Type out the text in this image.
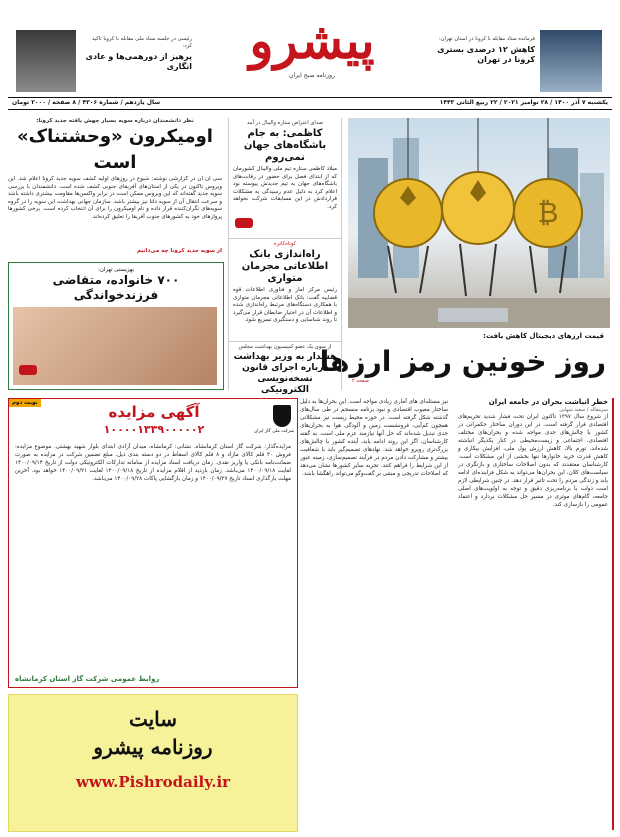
فرمانده ستاد مقابله با کرونا در استان تهران:
کاهش ۱۲ درصدی بستری کرونا در تهران
پیشرو
روزنامه صبح ایران
رئیسی در جلسه ستاد ملی مقابله با کرونا تاکید کرد:
پرهیز از دورهمی‌ها و عادی انگاری
یکشنبه ۷ آذر ۱۴۰۰ / ۲۸ نوامبر ۲۰۲۱ / ۲۲ ربیع الثانی ۱۴۴۳
سال یازدهم / شماره ۴۳۰۶ / ۸ صفحه / ۲۰۰۰ تومان
₿
قیمت ارزهای دیجیتال کاهش یافت:
روز خونین رمز ارزها
صفحه ۲
صدای اعتراض ستاره والیبال در آمد
کاظمی: به جام باشگاه‌های جهان نمی‌روم
میلاد کاظمی ستاره تیم ملی والیبال کشورمان که از ابتدای فصل برای حضور در رقابت‌های باشگاه‌های جهان به تیم جدیدش پیوسته بود اعلام کرد به دلیل عدم رسیدگی به مشکلات قراردادش در این مسابقات شرکت نخواهد کرد.
کوتاه‌کاتره
راه‌اندازی بانک اطلاعاتی مجرمان متواری
رئیس مرکز آمار و فناوری اطلاعات قوه قضاییه گفت: بانک اطلاعاتی مجرمان متواری با همکاری دستگاه‌های مرتبط راه‌اندازی شده و اطلاعات آن در اختیار ضابطان قرار می‌گیرد تا روند شناسایی و دستگیری تسریع شود.
از سوی یک عضو کمیسیون بهداشت مجلس
هشدار به وزیر بهداشت درباره اجرای قانون نسخه‌نویسی الکترونیکی
نظر دانشمندان درباره سویه بسیار جهش یافته جدید کرونا:
اومیکرون «وحشتناک» است
سی ان ان در گزارشی نوشته: شیوع در روزهای اولیه کشف سویه جدید کرونا اعلام شد. این ویروس تاکنون در یکی از استان‌های آفریقای جنوبی کشف شده است. دانشمندان با بررسی سویه جدید گفته‌اند که این ویروس ممکن است در برابر واکسن‌ها مقاومت بیشتری داشته باشد و سرعت انتقال آن از سویه دلتا نیز بیشتر باشد. سازمان جهانی بهداشت این سویه را در گروه سویه‌های نگران‌کننده قرار داده و نام اومیکرون را برای آن انتخاب کرده است. برخی کشورها پروازهای خود به کشورهای جنوب آفریقا را تعلیق کرده‌اند.
از سویه جدید کرونا چه می‌دانیم
بهزیستی تهران:
۷۰۰ خانواده، متقاضی فرزندخواندگی
شرکت ملی گاز ایران
نوبت دوم	آگهی مزایده
۱۰۰۰۰۱۳۳۹۰۰۰۰۰۲
مزایده‌گذار: شرکت گاز استان کرمانشاه. نشانی: کرمانشاه، میدان آزادی ابتدای بلوار شهید بهشتی. موضوع مزایده: فروش ۳۰ قلم کالای مازاد و ۸ قلم کالای اسقاط در دو دسته بندی ذیل. مبلغ تضمین شرکت در مزایده به صورت ضمانت‌نامه بانکی یا واریز نقدی. زمان دریافت اسناد مزایده از سامانه تدارکات الکترونیکی دولت از تاریخ ۱۴۰۰/۰۹/۱۴ لغایت ۱۴۰۰/۰۹/۱۸ می‌باشد. زمان بازدید از اقلام مزایده از تاریخ ۱۴۰۰/۰۹/۱۸ لغایت ۱۴۰۰/۰۹/۲۱ خواهد بود. آخرین مهلت بارگذاری اسناد تاریخ ۱۴۰۰/۰۹/۲۷ و زمان بازگشایی پاکات ۱۴۰۰/۰۹/۲۸ می‌باشد.
روابط عمومی شرکت گاز استان کرمانشاه
سایت
روزنامه پیشرو
www.Pishrodaily.ir
نیز مسئله‌ای های آماری زیادی مواجه است. این بحران‌ها به دلیل ساختار معیوب اقتصادی و نبود برنامه منسجم در طی سال‌های گذشته شکل گرفته است. در حوزه محیط زیست نیز مشکلاتی همچون کم‌آبی، فرونشست زمین و آلودگی هوا به بحران‌های جدی تبدیل شده‌اند که حل آنها نیازمند عزم ملی است. به گفته کارشناسان، اگر این روند ادامه یابد، آینده کشور با چالش‌های بزرگ‌تری روبرو خواهد شد. نهادهای تصمیم‌گیر باید با شفافیت بیشتر و مشارکت دادن مردم در فرآیند تصمیم‌سازی، زمینه عبور از این شرایط را فراهم کنند. تجربه سایر کشورها نشان می‌دهد که اصلاحات تدریجی و مبتنی بر گفت‌وگو می‌تواند راهگشا باشد.
خطر انباشت بحران در جامعه ایران
سرمقاله / سعید شهابی
از شروع سال ۱۳۹۷ تاکنون ایران تحت فشار شدید تحریم‌های اقتصادی قرار گرفته است. در این دوران ساختار حکمرانی در کشور با چالش‌های جدی مواجه شده و بحران‌های مختلف اقتصادی، اجتماعی و زیست‌محیطی در کنار یکدیگر انباشته شده‌اند. تورم بالا، کاهش ارزش پول ملی، افزایش بیکاری و کاهش قدرت خرید خانوارها تنها بخشی از این مشکلات است. کارشناسان معتقدند که بدون اصلاحات ساختاری و بازنگری در سیاست‌های کلان، این بحران‌ها می‌تواند به شکل فزاینده‌ای ادامه یابد و زندگی مردم را تحت تاثیر قرار دهد. در چنین شرایطی لازم است دولت با برنامه‌ریزی دقیق و توجه به اولویت‌های اصلی جامعه، گام‌های موثری در مسیر حل مشکلات بردارد و اعتماد عمومی را بازسازی کند.
